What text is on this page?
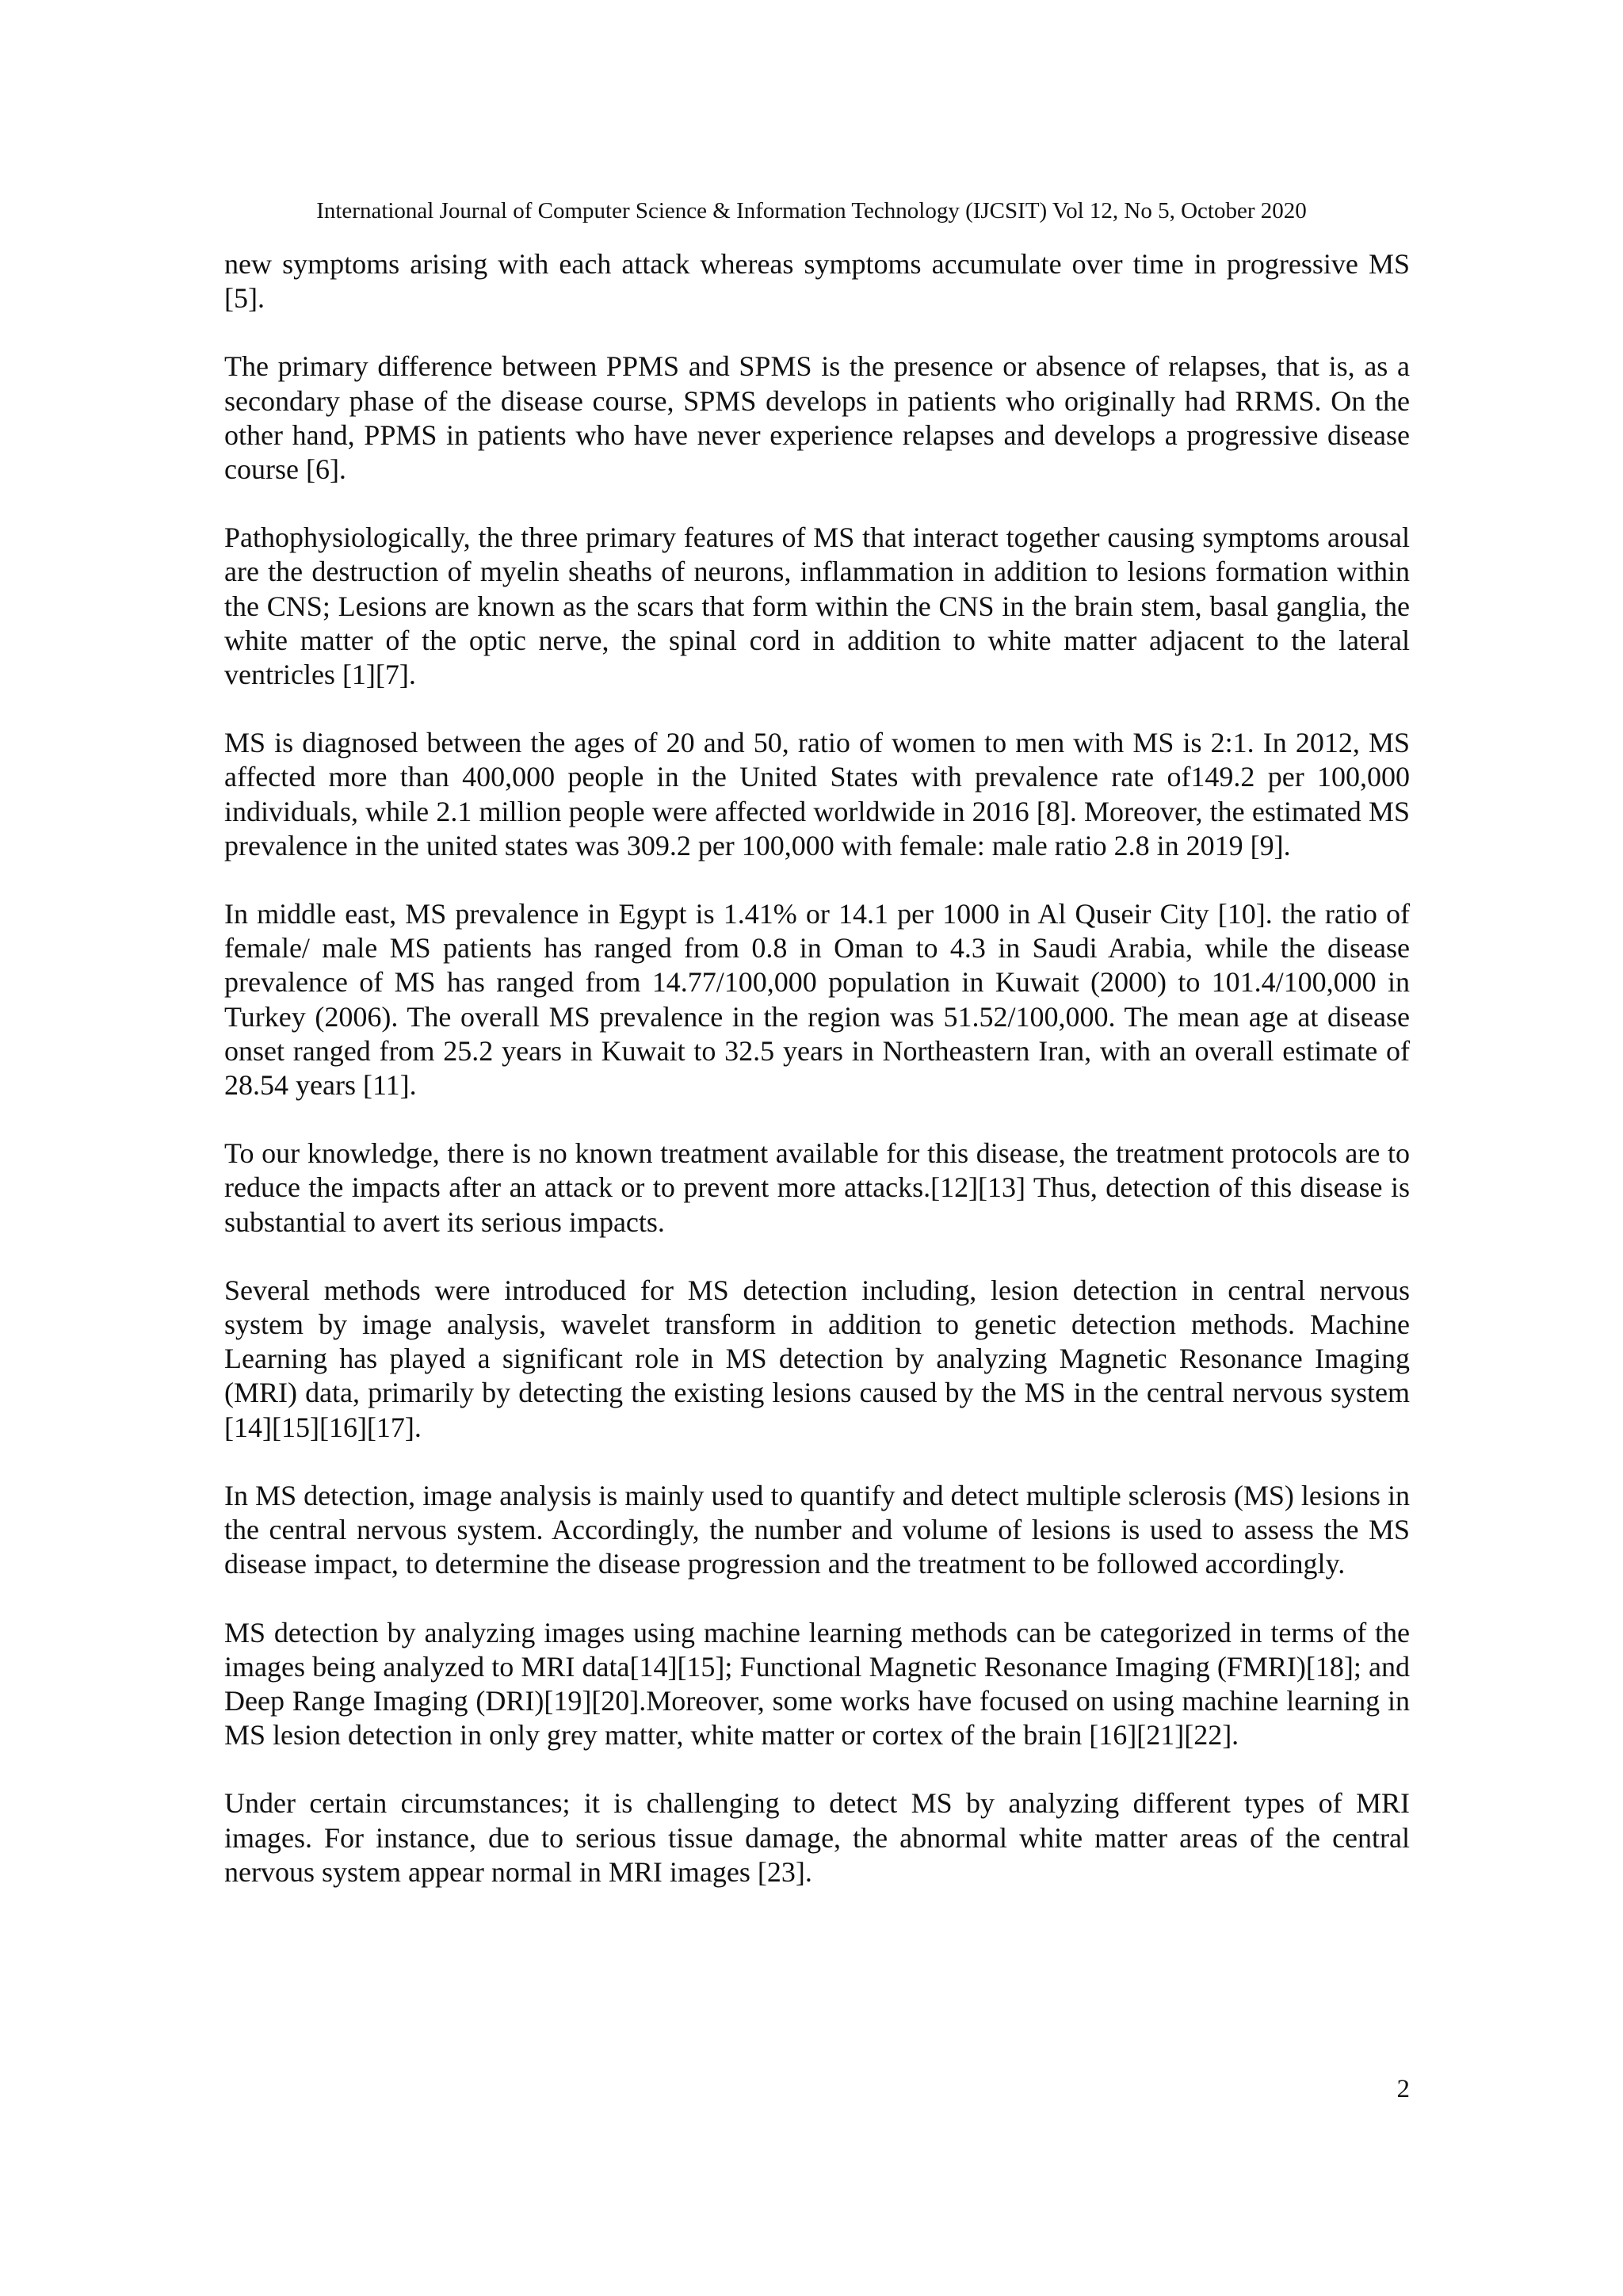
International Journal of Computer Science & Information Technology (IJCSIT) Vol 12, No 5, October 2020

new symptoms arising with each attack whereas symptoms accumulate over time in progressive MS [5].

The primary difference between PPMS and SPMS is the presence or absence of relapses, that is, as a secondary phase of the disease course, SPMS develops in patients who originally had RRMS. On the other hand, PPMS in patients who have never experience relapses and develops a progressive disease course [6].

Pathophysiologically, the three primary features of MS that interact together causing symptoms arousal are the destruction of myelin sheaths of neurons, inflammation in addition to lesions formation within the CNS; Lesions are known as the scars that form within the CNS in the brain stem, basal ganglia, the white matter of the optic nerve, the spinal cord in addition to white matter adjacent to the lateral ventricles [1][7].

MS is diagnosed between the ages of 20 and 50, ratio of women to men with MS is 2:1. In 2012, MS affected more than 400,000 people in the United States with prevalence rate of149.2 per 100,000 individuals, while 2.1 million people were affected worldwide in 2016 [8]. Moreover, the estimated MS prevalence in the united states was 309.2 per 100,000 with female: male ratio 2.8 in 2019 [9].

In middle east, MS prevalence in Egypt is 1.41% or 14.1 per 1000 in Al Quseir City [10]. the ratio of female/ male MS patients has ranged from 0.8 in Oman to 4.3 in Saudi Arabia, while the disease prevalence of MS has ranged from 14.77/100,000 population in Kuwait (2000) to 101.4/100,000 in Turkey (2006). The overall MS prevalence in the region was 51.52/100,000. The mean age at disease onset ranged from 25.2 years in Kuwait to 32.5 years in Northeastern Iran, with an overall estimate of 28.54 years [11].

To our knowledge, there is no known treatment available for this disease, the treatment protocols are to reduce the impacts after an attack or to prevent more attacks.[12][13] Thus, detection of this disease is substantial to avert its serious impacts.

Several methods were introduced for MS detection including, lesion detection in central nervous system by image analysis, wavelet transform in addition to genetic detection methods. Machine Learning has played a significant role in MS detection by analyzing Magnetic Resonance Imaging (MRI) data, primarily by detecting the existing lesions caused by the MS in the central nervous system [14][15][16][17].

In MS detection, image analysis is mainly used to quantify and detect multiple sclerosis (MS) lesions in the central nervous system. Accordingly, the number and volume of lesions is used to assess the MS disease impact, to determine the disease progression and the treatment to be followed accordingly.

MS detection by analyzing images using machine learning methods can be categorized in terms of the images being analyzed to MRI data[14][15]; Functional Magnetic Resonance Imaging (FMRI)[18]; and Deep Range Imaging (DRI)[19][20].Moreover, some works have focused on using machine learning in MS lesion detection in only grey matter, white matter or cortex of the brain [16][21][22].

Under certain circumstances; it is challenging to detect MS by analyzing different types of MRI images. For instance, due to serious tissue damage, the abnormal white matter areas of the central nervous system appear normal in MRI images [23].

2
